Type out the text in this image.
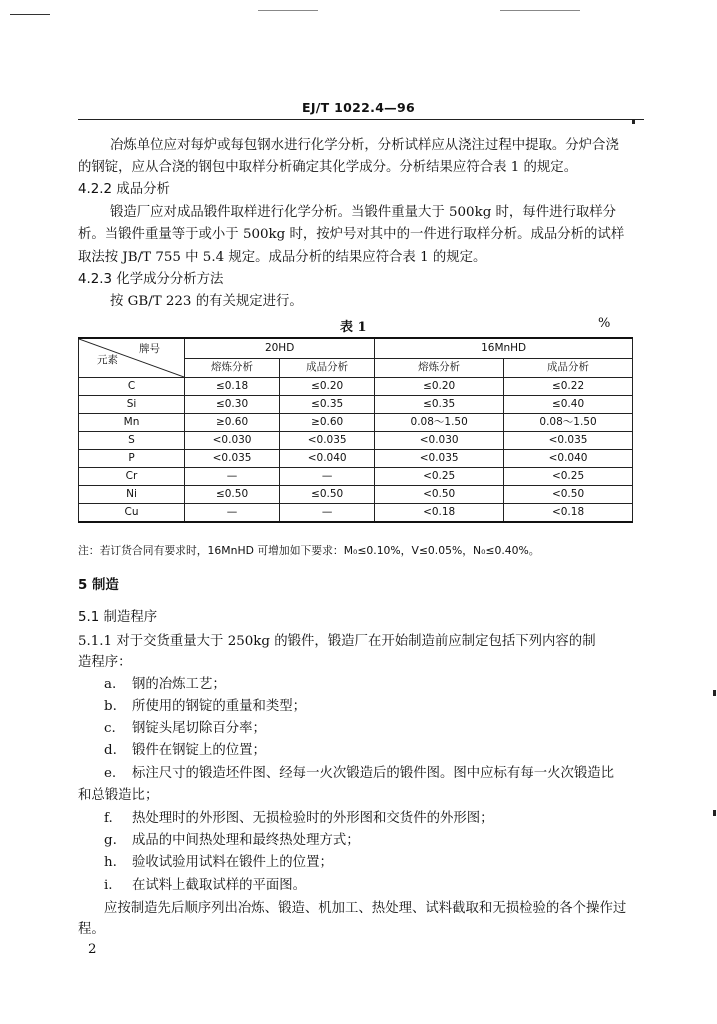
EJ/T 1022.4—96
冶炼单位应对每炉或每包钢水进行化学分析，分析试样应从浇注过程中提取。分炉合浇
的钢锭，应从合浇的钢包中取样分析确定其化学成分。分析结果应符合表 1 的规定。
4.2.2 成品分析
锻造厂应对成品锻件取样进行化学分析。当锻件重量大于 500kg 时，每件进行取样分
析。当锻件重量等于或小于 500kg 时，按炉号对其中的一件进行取样分析。成品分析的试样
取法按 JB/T 755 中 5.4 规定。成品分析的结果应符合表 1 的规定。
4.2.3 化学成分分析方法
按 GB/T 223 的有关规定进行。
表 1	%
牌号
元素	20HD		16MnHD	
	熔炼分析	成品分析	熔炼分析	成品分析
C	≤0.18	≤0.20	≤0.20	≤0.22
Si	≤0.30	≤0.35	≤0.35	≤0.40
Mn	≥0.60	≥0.60	0.08～1.50	0.08～1.50
S	<0.030	<0.035	<0.030	<0.035
P	<0.035	<0.040	<0.035	<0.040
Cr	—	—	<0.25	<0.25
Ni	≤0.50	≤0.50	<0.50	<0.50
Cu	—	—	<0.18	<0.18
注：若订货合同有要求时，16MnHD 可增加如下要求：M₀≤0.10%，V≤0.05%，N₀≤0.40%。
5 制造
5.1 制造程序
5.1.1 对于交货重量大于 250kg 的锻件，锻造厂在开始制造前应制定包括下列内容的制
造程序：
a. 钢的冶炼工艺；
b. 所使用的钢锭的重量和类型；
c. 钢锭头尾切除百分率；
d. 锻件在钢锭上的位置；
e. 标注尺寸的锻造坯件图、经每一火次锻造后的锻件图。图中应标有每一火次锻造比
和总锻造比；
f. 热处理时的外形图、无损检验时的外形图和交货件的外形图；
g. 成品的中间热处理和最终热处理方式；
h. 验收试验用试料在锻件上的位置；
i. 在试料上截取试样的平面图。
应按制造先后顺序列出冶炼、锻造、机加工、热处理、试料截取和无损检验的各个操作过
程。
2
